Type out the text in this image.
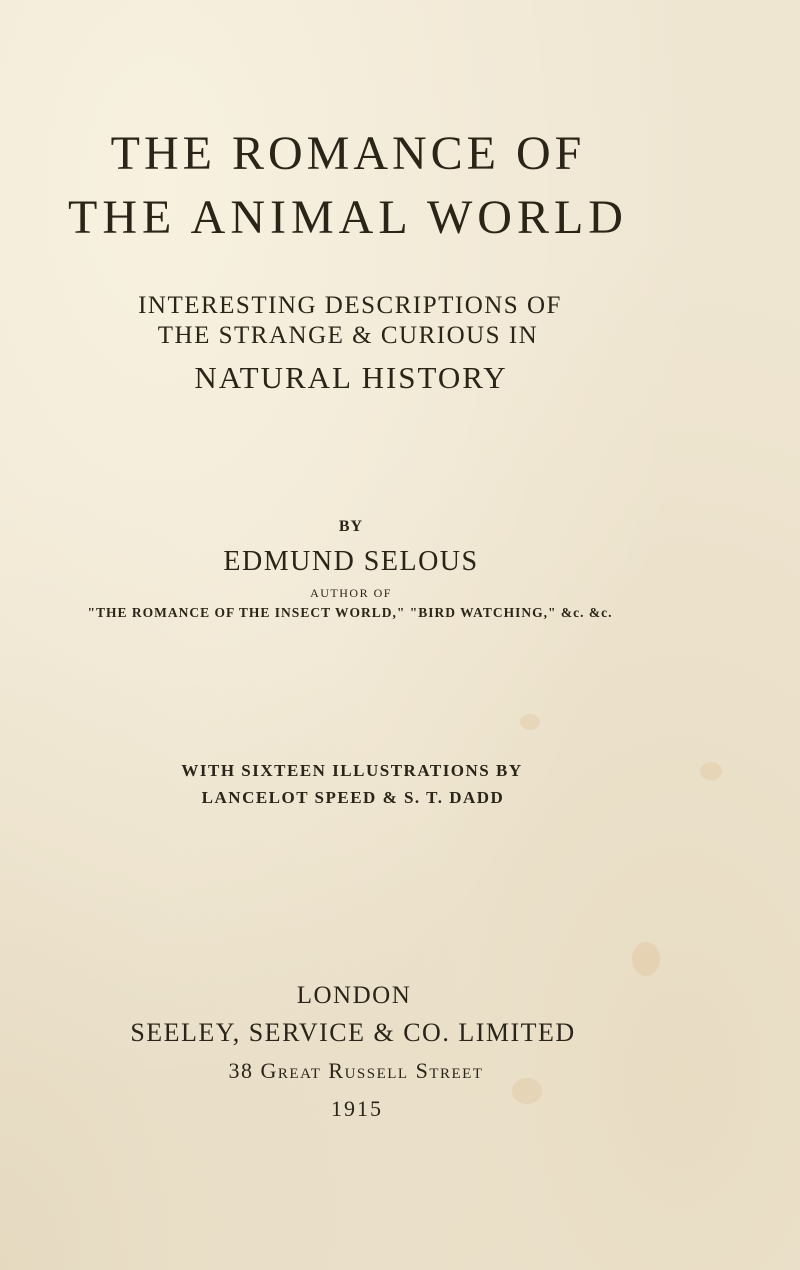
THE ROMANCE OF
THE ANIMAL WORLD
INTERESTING DESCRIPTIONS OF
THE STRANGE & CURIOUS IN
NATURAL HISTORY
BY
EDMUND SELOUS
AUTHOR OF
"THE ROMANCE OF THE INSECT WORLD," "BIRD WATCHING," &c. &c.
WITH SIXTEEN ILLUSTRATIONS BY
LANCELOT SPEED & S. T. DADD
LONDON
SEELEY, SERVICE & CO. LIMITED
38 Great Russell Street
1915
